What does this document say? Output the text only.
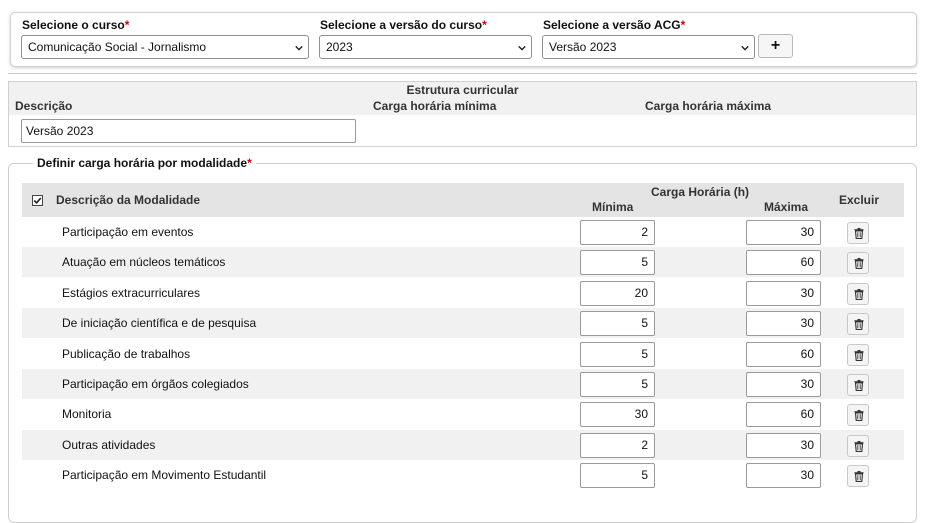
Selecione o curso*
Comunicação Social - Jornalismo
Selecione a versão do curso*
2023
Selecione a versão ACG*
Versão 2023	+
Estrutura curricular
Descrição	Carga horária mínima	Carga horária máxima
Versão 2023
Definir carga horária por modalidade*
Descrição da Modalidade
Carga Horária (h)
Mínima	Máxima	Excluir
Participação em eventos	2	30
Atuação em núcleos temáticos	5	60
Estágios extracurriculares	20	30
De iniciação científica e de pesquisa	5	30
Publicação de trabalhos	5	60
Participação em órgãos colegiados	5	30
Monitoria	30	60
Outras atividades	2	30
Participação em Movimento Estudantil	5	30
